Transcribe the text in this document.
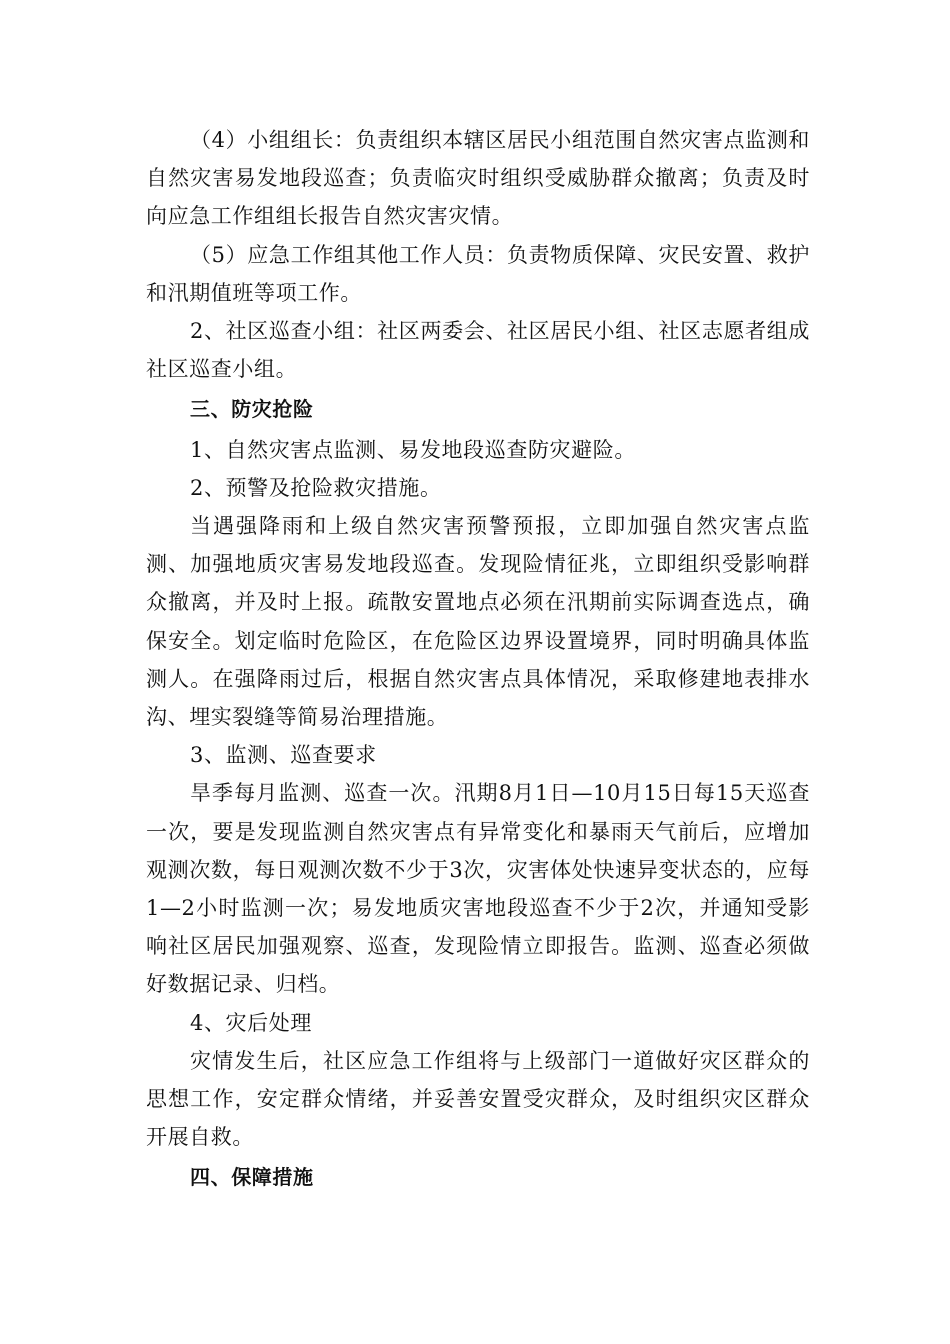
（4）小组组长：负责组织本辖区居民小组范围自然灾害点监测和自然灾害易发地段巡查；负责临灾时组织受威胁群众撤离；负责及时向应急工作组组长报告自然灾害灾情。

（5）应急工作组其他工作人员：负责物质保障、灾民安置、救护和汛期值班等项工作。

2、社区巡查小组：社区两委会、社区居民小组、社区志愿者组成社区巡查小组。

三、防灾抢险

1、自然灾害点监测、易发地段巡查防灾避险。

2、预警及抢险救灾措施。

当遇强降雨和上级自然灾害预警预报，立即加强自然灾害点监测、加强地质灾害易发地段巡查。发现险情征兆，立即组织受影响群众撤离，并及时上报。疏散安置地点必须在汛期前实际调查选点，确保安全。划定临时危险区，在危险区边界设置境界，同时明确具体监测人。在强降雨过后，根据自然灾害点具体情况，采取修建地表排水沟、埋实裂缝等简易治理措施。

3、监测、巡查要求

旱季每月监测、巡查一次。汛期8月1日—10月15日每15天巡查一次，要是发现监测自然灾害点有异常变化和暴雨天气前后，应增加观测次数，每日观测次数不少于3次，灾害体处快速异变状态的，应每1—2小时监测一次；易发地质灾害地段巡查不少于2次，并通知受影响社区居民加强观察、巡查，发现险情立即报告。监测、巡查必须做好数据记录、归档。

4、灾后处理

灾情发生后，社区应急工作组将与上级部门一道做好灾区群众的思想工作，安定群众情绪，并妥善安置受灾群众，及时组织灾区群众开展自救。

四、保障措施
